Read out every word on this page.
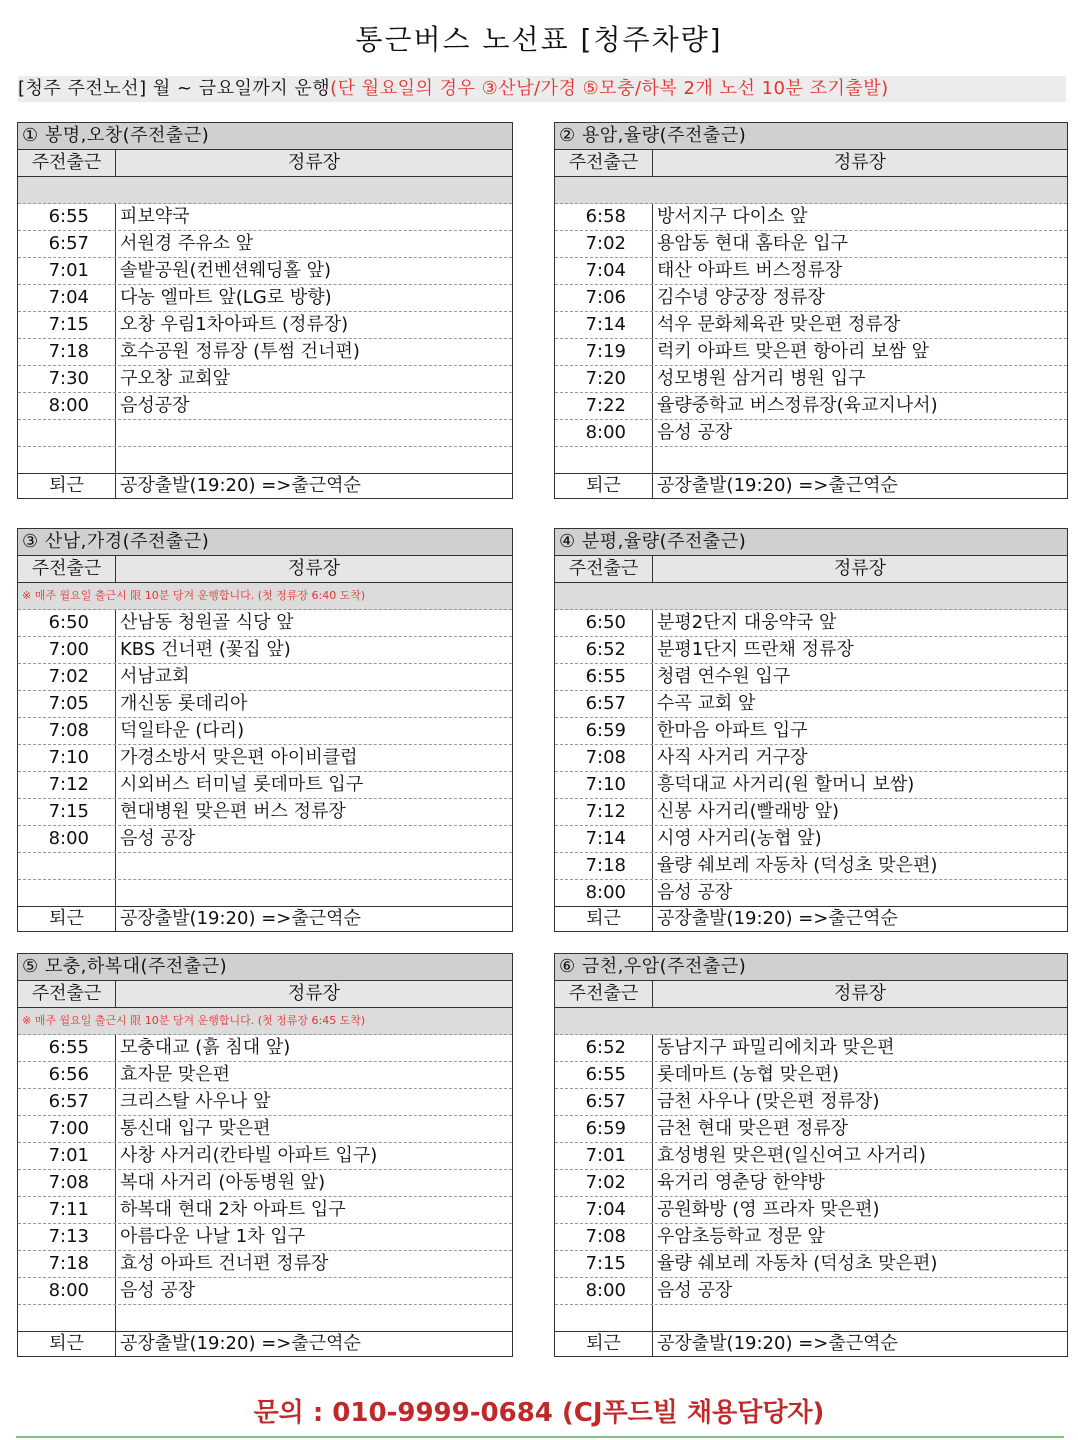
통근버스 노선표 [청주차량]
[청주 주전노선] 월 ~ 금요일까지 운행(단 월요일의 경우 ③산남/가경 ⑤모충/하복 2개 노선 10분 조기출발)
① 봉명,오창(주전출근)
주전출근	정류장
6:55	피보약국
6:57	서원경 주유소 앞
7:01	솔밭공원(컨벤션웨딩홀 앞)
7:04	다농 엘마트 앞(LG로 방향)
7:15	오창 우림1차아파트 (정류장)
7:18	호수공원 정류장 (투썸 건너편)
7:30	구오창 교회앞
8:00	음성공장
퇴근	공장출발(19:20) =>출근역순
② 용암,율량(주전출근)
주전출근	정류장
6:58	방서지구 다이소 앞
7:02	용암동 현대 홈타운 입구
7:04	태산 아파트 버스정류장
7:06	김수녕 양궁장 정류장
7:14	석우 문화체육관 맞은편 정류장
7:19	럭키 아파트 맞은편 항아리 보쌈 앞
7:20	성모병원 삼거리 병원 입구
7:22	율량중학교 버스정류장(육교지나서)
8:00	음성 공장
퇴근	공장출발(19:20) =>출근역순
③ 산남,가경(주전출근)
주전출근	정류장
※ 매주 월요일 출근시 限 10분 당겨 운행합니다. (첫 정류장 6:40 도착)
6:50	산남동 청원골 식당 앞
7:00	KBS 건너편 (꽃집 앞)
7:02	서남교회
7:05	개신동 롯데리아
7:08	덕일타운 (다리)
7:10	가경소방서 맞은편 아이비클럽
7:12	시외버스 터미널 롯데마트 입구
7:15	현대병원 맞은편 버스 정류장
8:00	음성 공장
퇴근	공장출발(19:20) =>출근역순
④ 분평,율량(주전출근)
주전출근	정류장
6:50	분평2단지 대웅약국 앞
6:52	분평1단지 뜨란채 정류장
6:55	청렴 연수원 입구
6:57	수곡 교회 앞
6:59	한마음 아파트 입구
7:08	사직 사거리 거구장
7:10	흥덕대교 사거리(원 할머니 보쌈)
7:12	신봉 사거리(빨래방 앞)
7:14	시영 사거리(농협 앞)
7:18	율량 쉐보레 자동차 (덕성초 맞은편)
8:00	음성 공장
퇴근	공장출발(19:20) =>출근역순
⑤ 모충,하복대(주전출근)
주전출근	정류장
※ 매주 월요일 출근시 限 10분 당겨 운행합니다. (첫 정류장 6:45 도착)
6:55	모충대교 (흙 침대 앞)
6:56	효자문 맞은편
6:57	크리스탈 사우나 앞
7:00	통신대 입구 맞은편
7:01	사창 사거리(칸타빌 아파트 입구)
7:08	복대 사거리 (아동병원 앞)
7:11	하복대 현대 2차 아파트 입구
7:13	아름다운 나날 1차 입구
7:18	효성 아파트 건너편 정류장
8:00	음성 공장
퇴근	공장출발(19:20) =>출근역순
⑥ 금천,우암(주전출근)
주전출근	정류장
6:52	동남지구 파밀리에치과 맞은편
6:55	롯데마트 (농협 맞은편)
6:57	금천 사우나 (맞은편 정류장)
6:59	금천 현대 맞은편 정류장
7:01	효성병원 맞은편(일신여고 사거리)
7:02	육거리 영춘당 한약방
7:04	공원화방 (영 프라자 맞은편)
7:08	우암초등학교 정문 앞
7:15	율량 쉐보레 자동차 (덕성초 맞은편)
8:00	음성 공장
퇴근	공장출발(19:20) =>출근역순
문의 : 010-9999-0684 (CJ푸드빌 채용담당자)
